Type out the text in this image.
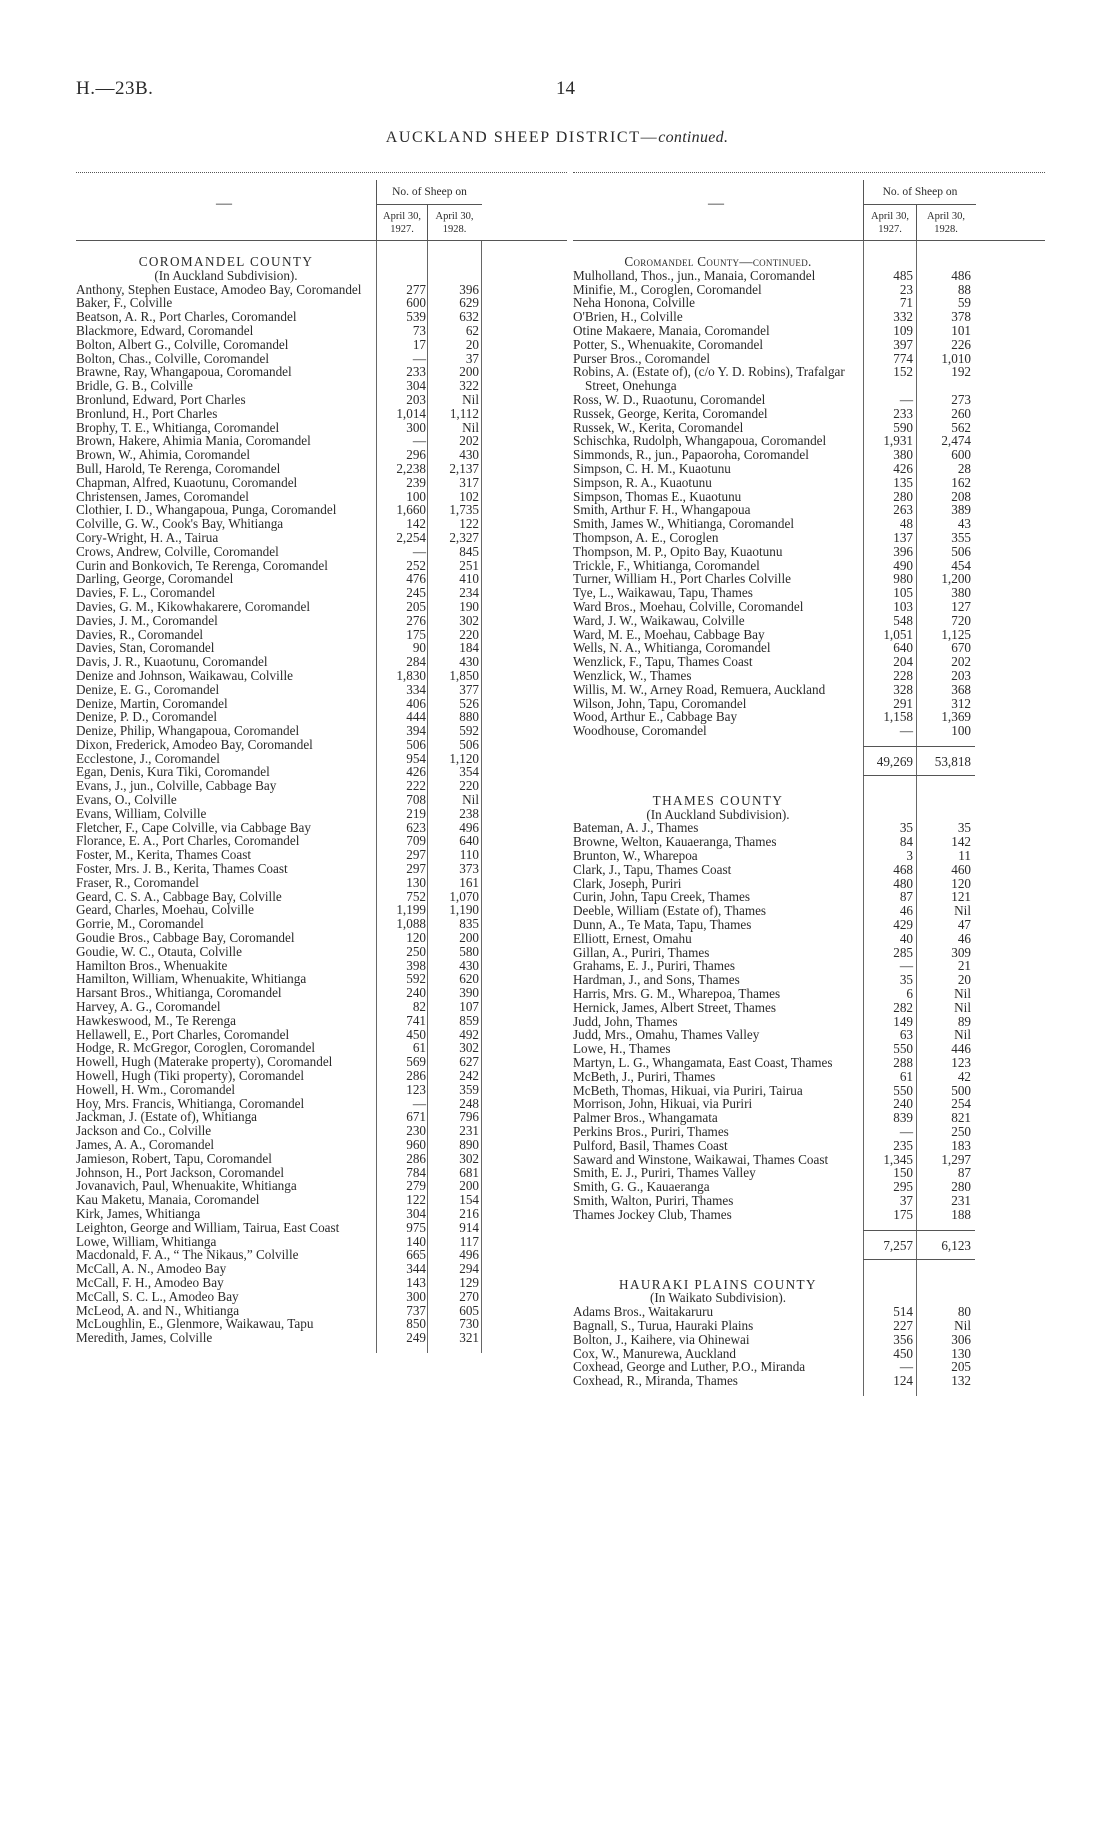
H.—23B.	14
AUCKLAND SHEEP DISTRICT—continued.
—
No. of Sheep on
April 30, 1927.
April 30, 1928.
COROMANDEL COUNTY
(In Auckland Subdivision).
Anthony, Stephen Eustace, Amodeo Bay, Coromandel	277	396
Baker, F., Colville	600	629
Beatson, A. R., Port Charles, Coromandel	539	632
Blackmore, Edward, Coromandel	73	62
Bolton, Albert G., Colville, Coromandel	17	20
Bolton, Chas., Colville, Coromandel	—	37
Brawne, Ray, Whangapoua, Coromandel	233	200
Bridle, G. B., Colville	304	322
Bronlund, Edward, Port Charles	203	Nil
Bronlund, H., Port Charles	1,014	1,112
Brophy, T. E., Whitianga, Coromandel	300	Nil
Brown, Hakere, Ahimia Mania, Coromandel	—	202
Brown, W., Ahimia, Coromandel	296	430
Bull, Harold, Te Rerenga, Coromandel	2,238	2,137
Chapman, Alfred, Kuaotunu, Coromandel	239	317
Christensen, James, Coromandel	100	102
Clothier, I. D., Whangapoua, Punga, Coromandel	1,660	1,735
Colville, G. W., Cook's Bay, Whitianga	142	122
Cory-Wright, H. A., Tairua	2,254	2,327
Crows, Andrew, Colville, Coromandel	—	845
Curin and Bonkovich, Te Rerenga, Coromandel	252	251
Darling, George, Coromandel	476	410
Davies, F. L., Coromandel	245	234
Davies, G. M., Kikowhakarere, Coromandel	205	190
Davies, J. M., Coromandel	276	302
Davies, R., Coromandel	175	220
Davies, Stan, Coromandel	90	184
Davis, J. R., Kuaotunu, Coromandel	284	430
Denize and Johnson, Waikawau, Colville	1,830	1,850
Denize, E. G., Coromandel	334	377
Denize, Martin, Coromandel	406	526
Denize, P. D., Coromandel	444	880
Denize, Philip, Whangapoua, Coromandel	394	592
Dixon, Frederick, Amodeo Bay, Coromandel	506	506
Ecclestone, J., Coromandel	954	1,120
Egan, Denis, Kura Tiki, Coromandel	426	354
Evans, J., jun., Colville, Cabbage Bay	222	220
Evans, O., Colville	708	Nil
Evans, William, Colville	219	238
Fletcher, F., Cape Colville, via Cabbage Bay	623	496
Florance, E. A., Port Charles, Coromandel	709	640
Foster, M., Kerita, Thames Coast	297	110
Foster, Mrs. J. B., Kerita, Thames Coast	297	373
Fraser, R., Coromandel	130	161
Geard, C. S. A., Cabbage Bay, Colville	752	1,070
Geard, Charles, Moehau, Colville	1,199	1,190
Gorrie, M., Coromandel	1,088	835
Goudie Bros., Cabbage Bay, Coromandel	120	200
Goudie, W. C., Otauta, Colville	250	580
Hamilton Bros., Whenuakite	398	430
Hamilton, William, Whenuakite, Whitianga	592	620
Harsant Bros., Whitianga, Coromandel	240	390
Harvey, A. G., Coromandel	82	107
Hawkeswood, M., Te Rerenga	741	859
Hellawell, E., Port Charles, Coromandel	450	492
Hodge, R. McGregor, Coroglen, Coromandel	61	302
Howell, Hugh (Materake property), Coromandel	569	627
Howell, Hugh (Tiki property), Coromandel	286	242
Howell, H. Wm., Coromandel	123	359
Hoy, Mrs. Francis, Whitianga, Coromandel	—	248
Jackman, J. (Estate of), Whitianga	671	796
Jackson and Co., Colville	230	231
James, A. A., Coromandel	960	890
Jamieson, Robert, Tapu, Coromandel	286	302
Johnson, H., Port Jackson, Coromandel	784	681
Jovanavich, Paul, Whenuakite, Whitianga	279	200
Kau Maketu, Manaia, Coromandel	122	154
Kirk, James, Whitianga	304	216
Leighton, George and William, Tairua, East Coast	975	914
Lowe, William, Whitianga	140	117
Macdonald, F. A., “ The Nikaus,” Colville	665	496
McCall, A. N., Amodeo Bay	344	294
McCall, F. H., Amodeo Bay	143	129
McCall, S. C. L., Amodeo Bay	300	270
McLeod, A. and N., Whitianga	737	605
McLoughlin, E., Glenmore, Waikawau, Tapu	850	730
Meredith, James, Colville	249	321
—
No. of Sheep on
April 30, 1927.
April 30, 1928.
Coromandel County—continued.
Mulholland, Thos., jun., Manaia, Coromandel	485	486
Minifie, M., Coroglen, Coromandel	23	88
Neha Honona, Colville	71	59
O'Brien, H., Colville	332	378
Otine Makaere, Manaia, Coromandel	109	101
Potter, S., Whenuakite, Coromandel	397	226
Purser Bros., Coromandel	774	1,010
Robins, A. (Estate of), (c/o Y. D. Robins), Trafalgar Street, Onehunga
152	192
Ross, W. D., Ruaotunu, Coromandel	—	273
Russek, George, Kerita, Coromandel	233	260
Russek, W., Kerita, Coromandel	590	562
Schischka, Rudolph, Whangapoua, Coromandel	1,931	2,474
Simmonds, R., jun., Papaoroha, Coromandel	380	600
Simpson, C. H. M., Kuaotunu	426	28
Simpson, R. A., Kuaotunu	135	162
Simpson, Thomas E., Kuaotunu	280	208
Smith, Arthur F. H., Whangapoua	263	389
Smith, James W., Whitianga, Coromandel	48	43
Thompson, A. E., Coroglen	137	355
Thompson, M. P., Opito Bay, Kuaotunu	396	506
Trickle, F., Whitianga, Coromandel	490	454
Turner, William H., Port Charles Colville	980	1,200
Tye, L., Waikawau, Tapu, Thames	105	380
Ward Bros., Moehau, Colville, Coromandel	103	127
Ward, J. W., Waikawau, Colville	548	720
Ward, M. E., Moehau, Cabbage Bay	1,051	1,125
Wells, N. A., Whitianga, Coromandel	640	670
Wenzlick, F., Tapu, Thames Coast	204	202
Wenzlick, W., Thames	228	203
Willis, M. W., Arney Road, Remuera, Auckland	328	368
Wilson, John, Tapu, Coromandel	291	312
Wood, Arthur E., Cabbage Bay	1,158	1,369
Woodhouse, Coromandel	—	100
49,269	53,818
THAMES COUNTY
(In Auckland Subdivision).
Bateman, A. J., Thames	35	35
Browne, Welton, Kauaeranga, Thames	84	142
Brunton, W., Wharepoa	3	11
Clark, J., Tapu, Thames Coast	468	460
Clark, Joseph, Puriri	480	120
Curin, John, Tapu Creek, Thames	87	121
Deeble, William (Estate of), Thames	46	Nil
Dunn, A., Te Mata, Tapu, Thames	429	47
Elliott, Ernest, Omahu	40	46
Gillan, A., Puriri, Thames	285	309
Grahams, E. J., Puriri, Thames	—	21
Hardman, J., and Sons, Thames	35	20
Harris, Mrs. G. M., Wharepoa, Thames	6	Nil
Hernick, James, Albert Street, Thames	282	Nil
Judd, John, Thames	149	89
Judd, Mrs., Omahu, Thames Valley	63	Nil
Lowe, H., Thames	550	446
Martyn, L. G., Whangamata, East Coast, Thames	288	123
McBeth, J., Puriri, Thames	61	42
McBeth, Thomas, Hikuai, via Puriri, Tairua	550	500
Morrison, John, Hikuai, via Puriri	240	254
Palmer Bros., Whangamata	839	821
Perkins Bros., Puriri, Thames	—	250
Pulford, Basil, Thames Coast	235	183
Saward and Winstone, Waikawai, Thames Coast	1,345	1,297
Smith, E. J., Puriri, Thames Valley	150	87
Smith, G. G., Kauaeranga	295	280
Smith, Walton, Puriri, Thames	37	231
Thames Jockey Club, Thames	175	188
7,257	6,123
HAURAKI PLAINS COUNTY
(In Waikato Subdivision).
Adams Bros., Waitakaruru	514	80
Bagnall, S., Turua, Hauraki Plains	227	Nil
Bolton, J., Kaihere, via Ohinewai	356	306
Cox, W., Manurewa, Auckland	450	130
Coxhead, George and Luther, P.O., Miranda	—	205
Coxhead, R., Miranda, Thames	124	132
